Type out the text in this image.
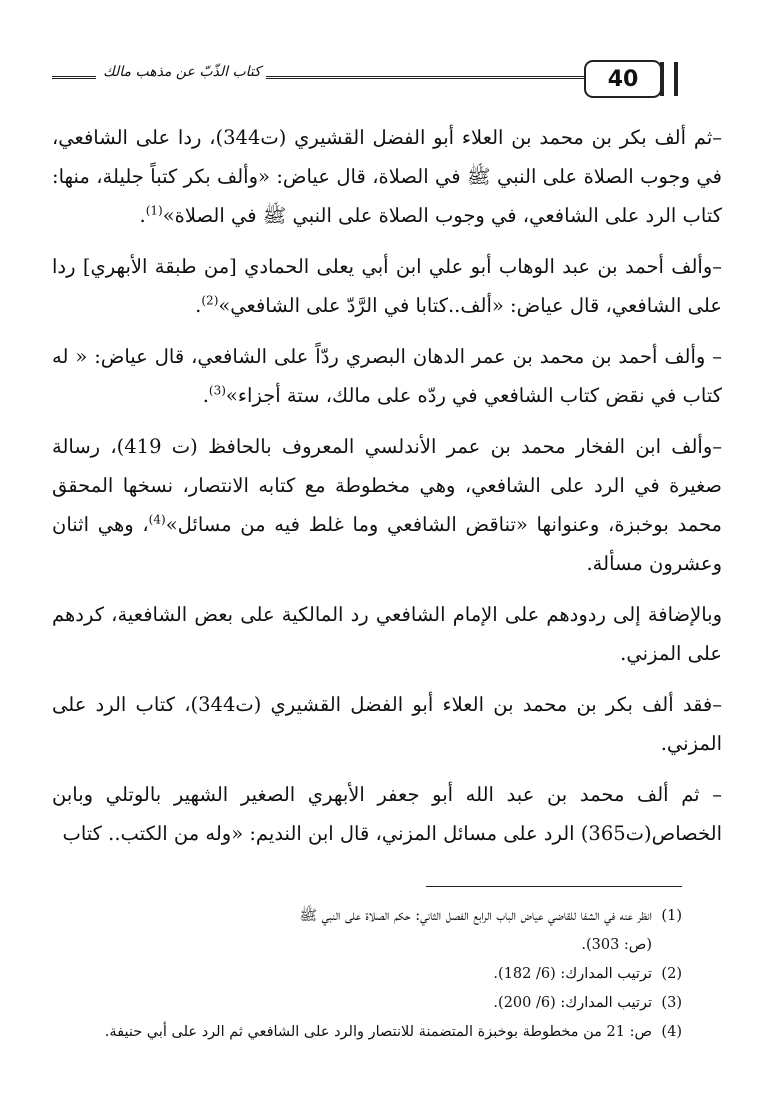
كتاب الذّبّ عن مذهب مالك	40

–ثم ألف بكر بن محمد بن العلاء أبو الفضل القشيري (ت344)، ردا على الشافعي، في وجوب الصلاة على النبي ﷺ في الصلاة، قال عياض: «وألف بكر كتباً جليلة، منها: كتاب الرد على الشافعي، في وجوب الصلاة على النبي ﷺ في الصلاة»$^{(1)}$.

–وألف أحمد بن عبد الوهاب أبو علي ابن أبي يعلى الحمادي [من طبقة الأبهري] ردا على الشافعي، قال عياض: «ألف..كتابا في الرَّدّ على الشافعي»$^{(2)}$.

– وألف أحمد بن محمد بن عمر الدهان البصري ردّاً على الشافعي، قال عياض: « له كتاب في نقض كتاب الشافعي في ردّه على مالك، ستة أجزاء»$^{(3)}$.

–وألف ابن الفخار محمد بن عمر الأندلسي المعروف بالحافظ (ت 419)، رسالة صغيرة في الرد على الشافعي، وهي مخطوطة مع كتابه الانتصار، نسخها المحقق محمد بوخبزة، وعنوانها «تناقض الشافعي وما غلط فيه من مسائل»$^{(4)}$، وهي اثنان وعشرون مسألة.

وبالإضافة إلى ردودهم على الإمام الشافعي رد المالكية على بعض الشافعية، كردهم على المزني.

–فقد ألف بكر بن محمد بن العلاء أبو الفضل القشيري (ت344)، كتاب الرد على المزني.

– ثم ألف محمد بن عبد الله أبو جعفر الأبهري الصغير الشهير بالوتلي وبابن الخصاص(ت365) الرد على مسائل المزني، قال ابن النديم: «وله من الكتب.. كتاب

(1)
انظر عنه في الشفا للقاضي عياض الباب الرابع الفصل الثاني: حكم الصلاة على النبي ﷺ
(ص: 303).
(2)
ترتيب المدارك: (6/ 182).
(3)
ترتيب المدارك: (6/ 200).
(4)
ص: 21 من مخطوطة بوخبزة المتضمنة للانتصار والرد على الشافعي ثم الرد على أبي حنيفة.
